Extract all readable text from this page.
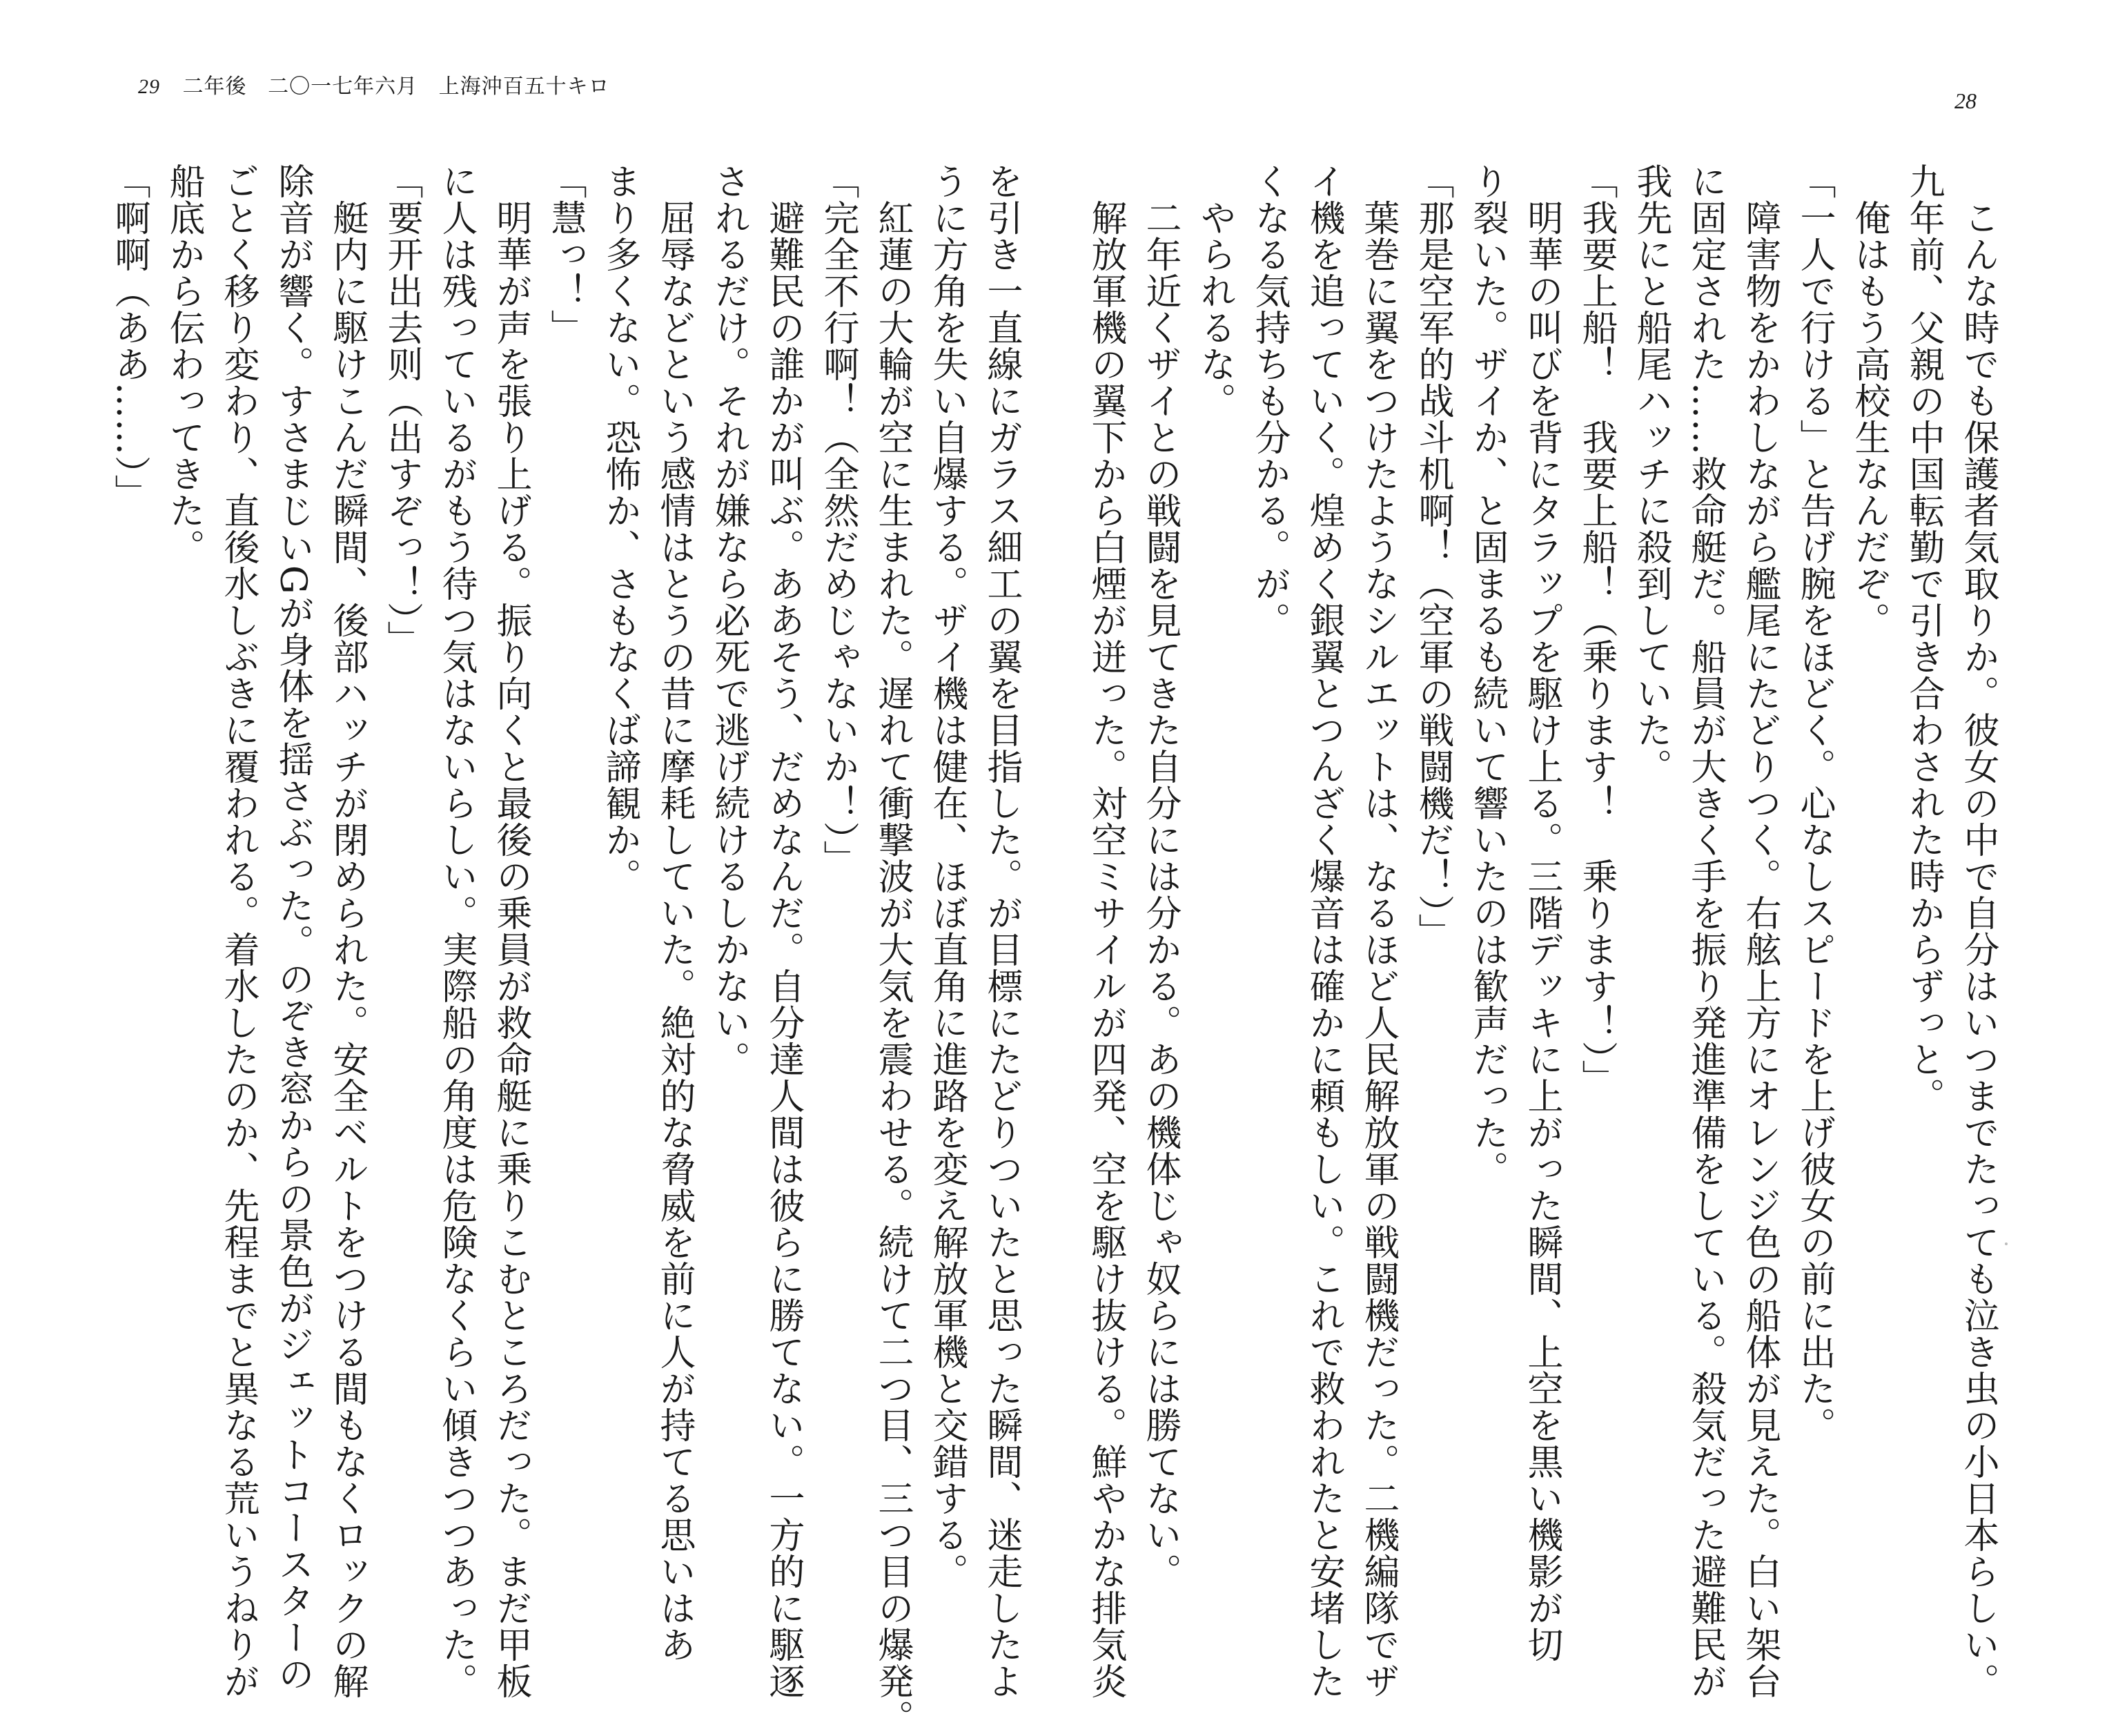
29 二年後 二〇一七年六月 上海沖百五十キロ
28
　こんな時でも保護者気取りか。彼女の中で自分はいつまでたっても泣き虫の小日本らしい。
九年前、父親の中国転勤で引き合わされた時からずっと。
　俺はもう高校生なんだぞ。
「一人で行ける」と告げ腕をほどく。心なしスピードを上げ彼女の前に出た。
　障害物をかわしながら艦尾にたどりつく。右舷上方にオレンジ色の船体が見えた。白い架台
に固定された……救命艇だ。船員が大きく手を振り発進準備をしている。殺気だった避難民が
我先にと船尾ハッチに殺到していた。
「我要上船！　我要上船！（乗ります！　乗ります！）」
　明華の叫びを背にタラップを駆け上る。三階デッキに上がった瞬間、上空を黒い機影が切
り裂いた。ザイか、と固まるも続いて響いたのは歓声だった。
「那是空军的战斗机啊！（空軍の戦闘機だ！）」
　葉巻に翼をつけたようなシルエットは、なるほど人民解放軍の戦闘機だった。二機編隊でザ
イ機を追っていく。煌めく銀翼とつんざく爆音は確かに頼もしい。これで救われたと安堵した
くなる気持ちも分かる。が。
　やられるな。
　二年近くザイとの戦闘を見てきた自分には分かる。あの機体じゃ奴らには勝てない。
　解放軍機の翼下から白煙が迸った。対空ミサイルが四発、空を駆け抜ける。鮮やかな排気炎
を引き一直線にガラス細工の翼を目指した。が目標にたどりついたと思った瞬間、迷走したよ
うに方角を失い自爆する。ザイ機は健在、ほぼ直角に進路を変え解放軍機と交錯する。
　紅蓮の大輪が空に生まれた。遅れて衝撃波が大気を震わせる。続けて二つ目、三つ目の爆発。
「完全不行啊！（全然だめじゃないか！）」
　避難民の誰かが叫ぶ。ああそう、だめなんだ。自分達人間は彼らに勝てない。一方的に駆逐
されるだけ。それが嫌なら必死で逃げ続けるしかない。
　屈辱などという感情はとうの昔に摩耗していた。絶対的な脅威を前に人が持てる思いはあ
まり多くない。恐怖か、さもなくば諦観か。
「慧っ！」
　明華が声を張り上げる。振り向くと最後の乗員が救命艇に乗りこむところだった。まだ甲板
に人は残っているがもう待つ気はないらしい。実際船の角度は危険なくらい傾きつつあった。
「要开出去则（出すぞっ！）」
　艇内に駆けこんだ瞬間、後部ハッチが閉められた。安全ベルトをつける間もなくロックの解
除音が響く。すさまじいGが身体を揺さぶった。のぞき窓からの景色がジェットコースターの
ごとく移り変わり、直後水しぶきに覆われる。着水したのか、先程までと異なる荒いうねりが
船底から伝わってきた。
「啊啊（ああ……）」
